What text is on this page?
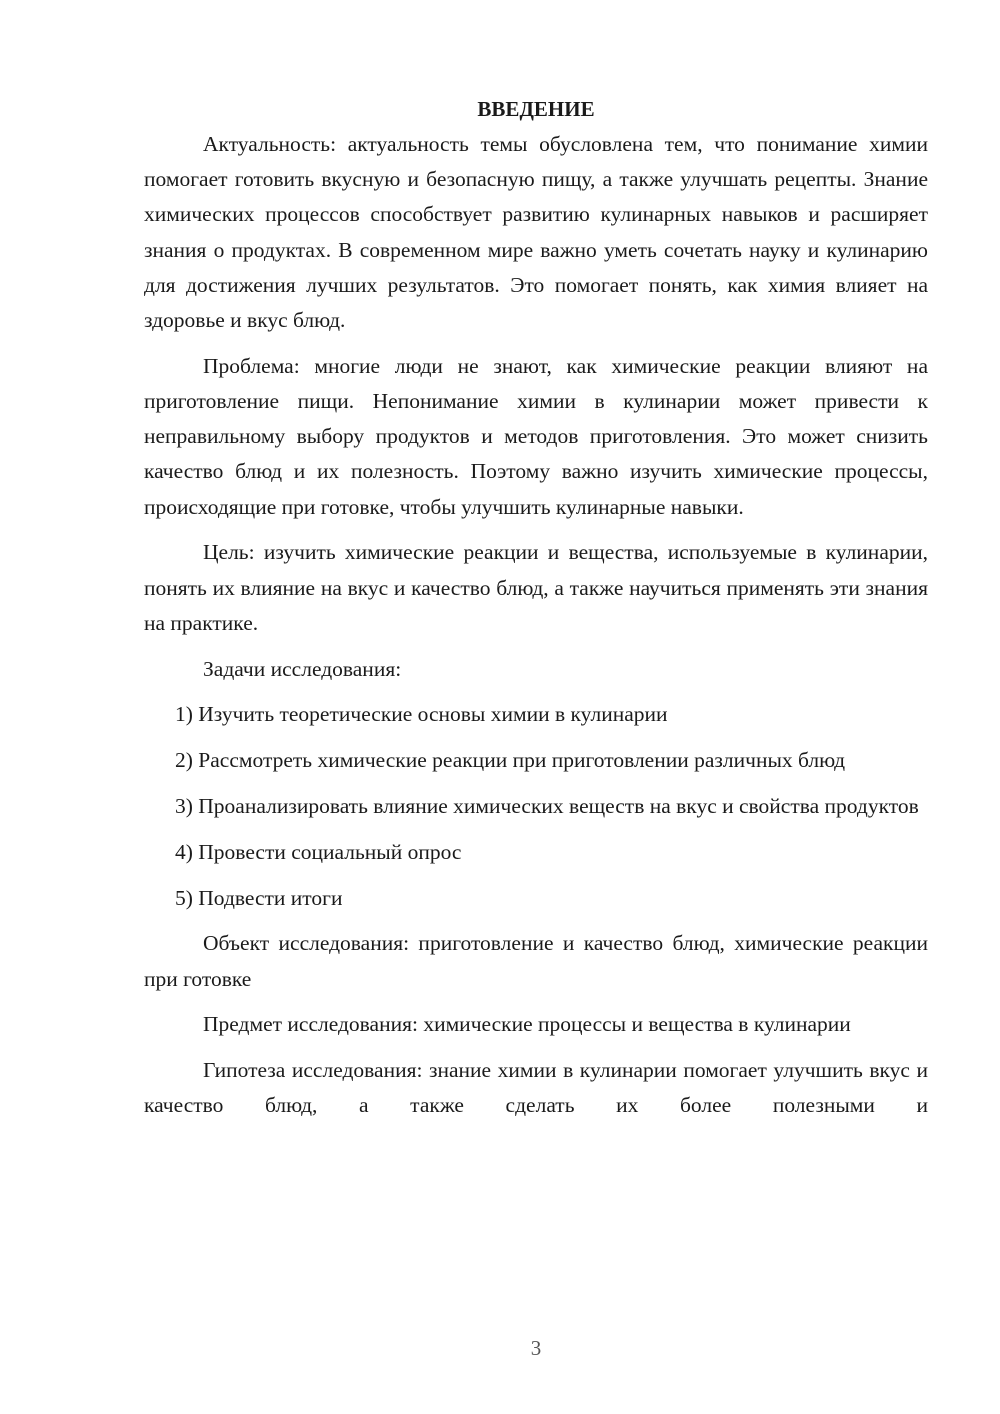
ВВЕДЕНИЕ

Актуальность: актуальность темы обусловлена тем, что понимание химии помогает готовить вкусную и безопасную пищу, а также улучшать рецепты. Знание химических процессов способствует развитию кулинарных навыков и расширяет знания о продуктах. В современном мире важно уметь сочетать науку и кулинарию для достижения лучших результатов. Это помогает понять, как химия влияет на здоровье и вкус блюд.

Проблема: многие люди не знают, как химические реакции влияют на приготовление пищи. Непонимание химии в кулинарии может привести к неправильному выбору продуктов и методов приготовления. Это может снизить качество блюд и их полезность. Поэтому важно изучить химические процессы, происходящие при готовке, чтобы улучшить кулинарные навыки.

Цель: изучить химические реакции и вещества, используемые в кулинарии, понять их влияние на вкус и качество блюд, а также научиться применять эти знания на практике.

Задачи исследования:

1) Изучить теоретические основы химии в кулинарии

2) Рассмотреть химические реакции при приготовлении различных блюд

3) Проанализировать влияние химических веществ на вкус и свойства продуктов

4) Провести социальный опрос

5) Подвести итоги

Объект исследования: приготовление и качество блюд, химические реакции при готовке

Предмет исследования: химические процессы и вещества в кулинарии

Гипотеза исследования: знание химии в кулинарии помогает улучшить вкус и качество блюд, а также сделать их более полезными и

3
